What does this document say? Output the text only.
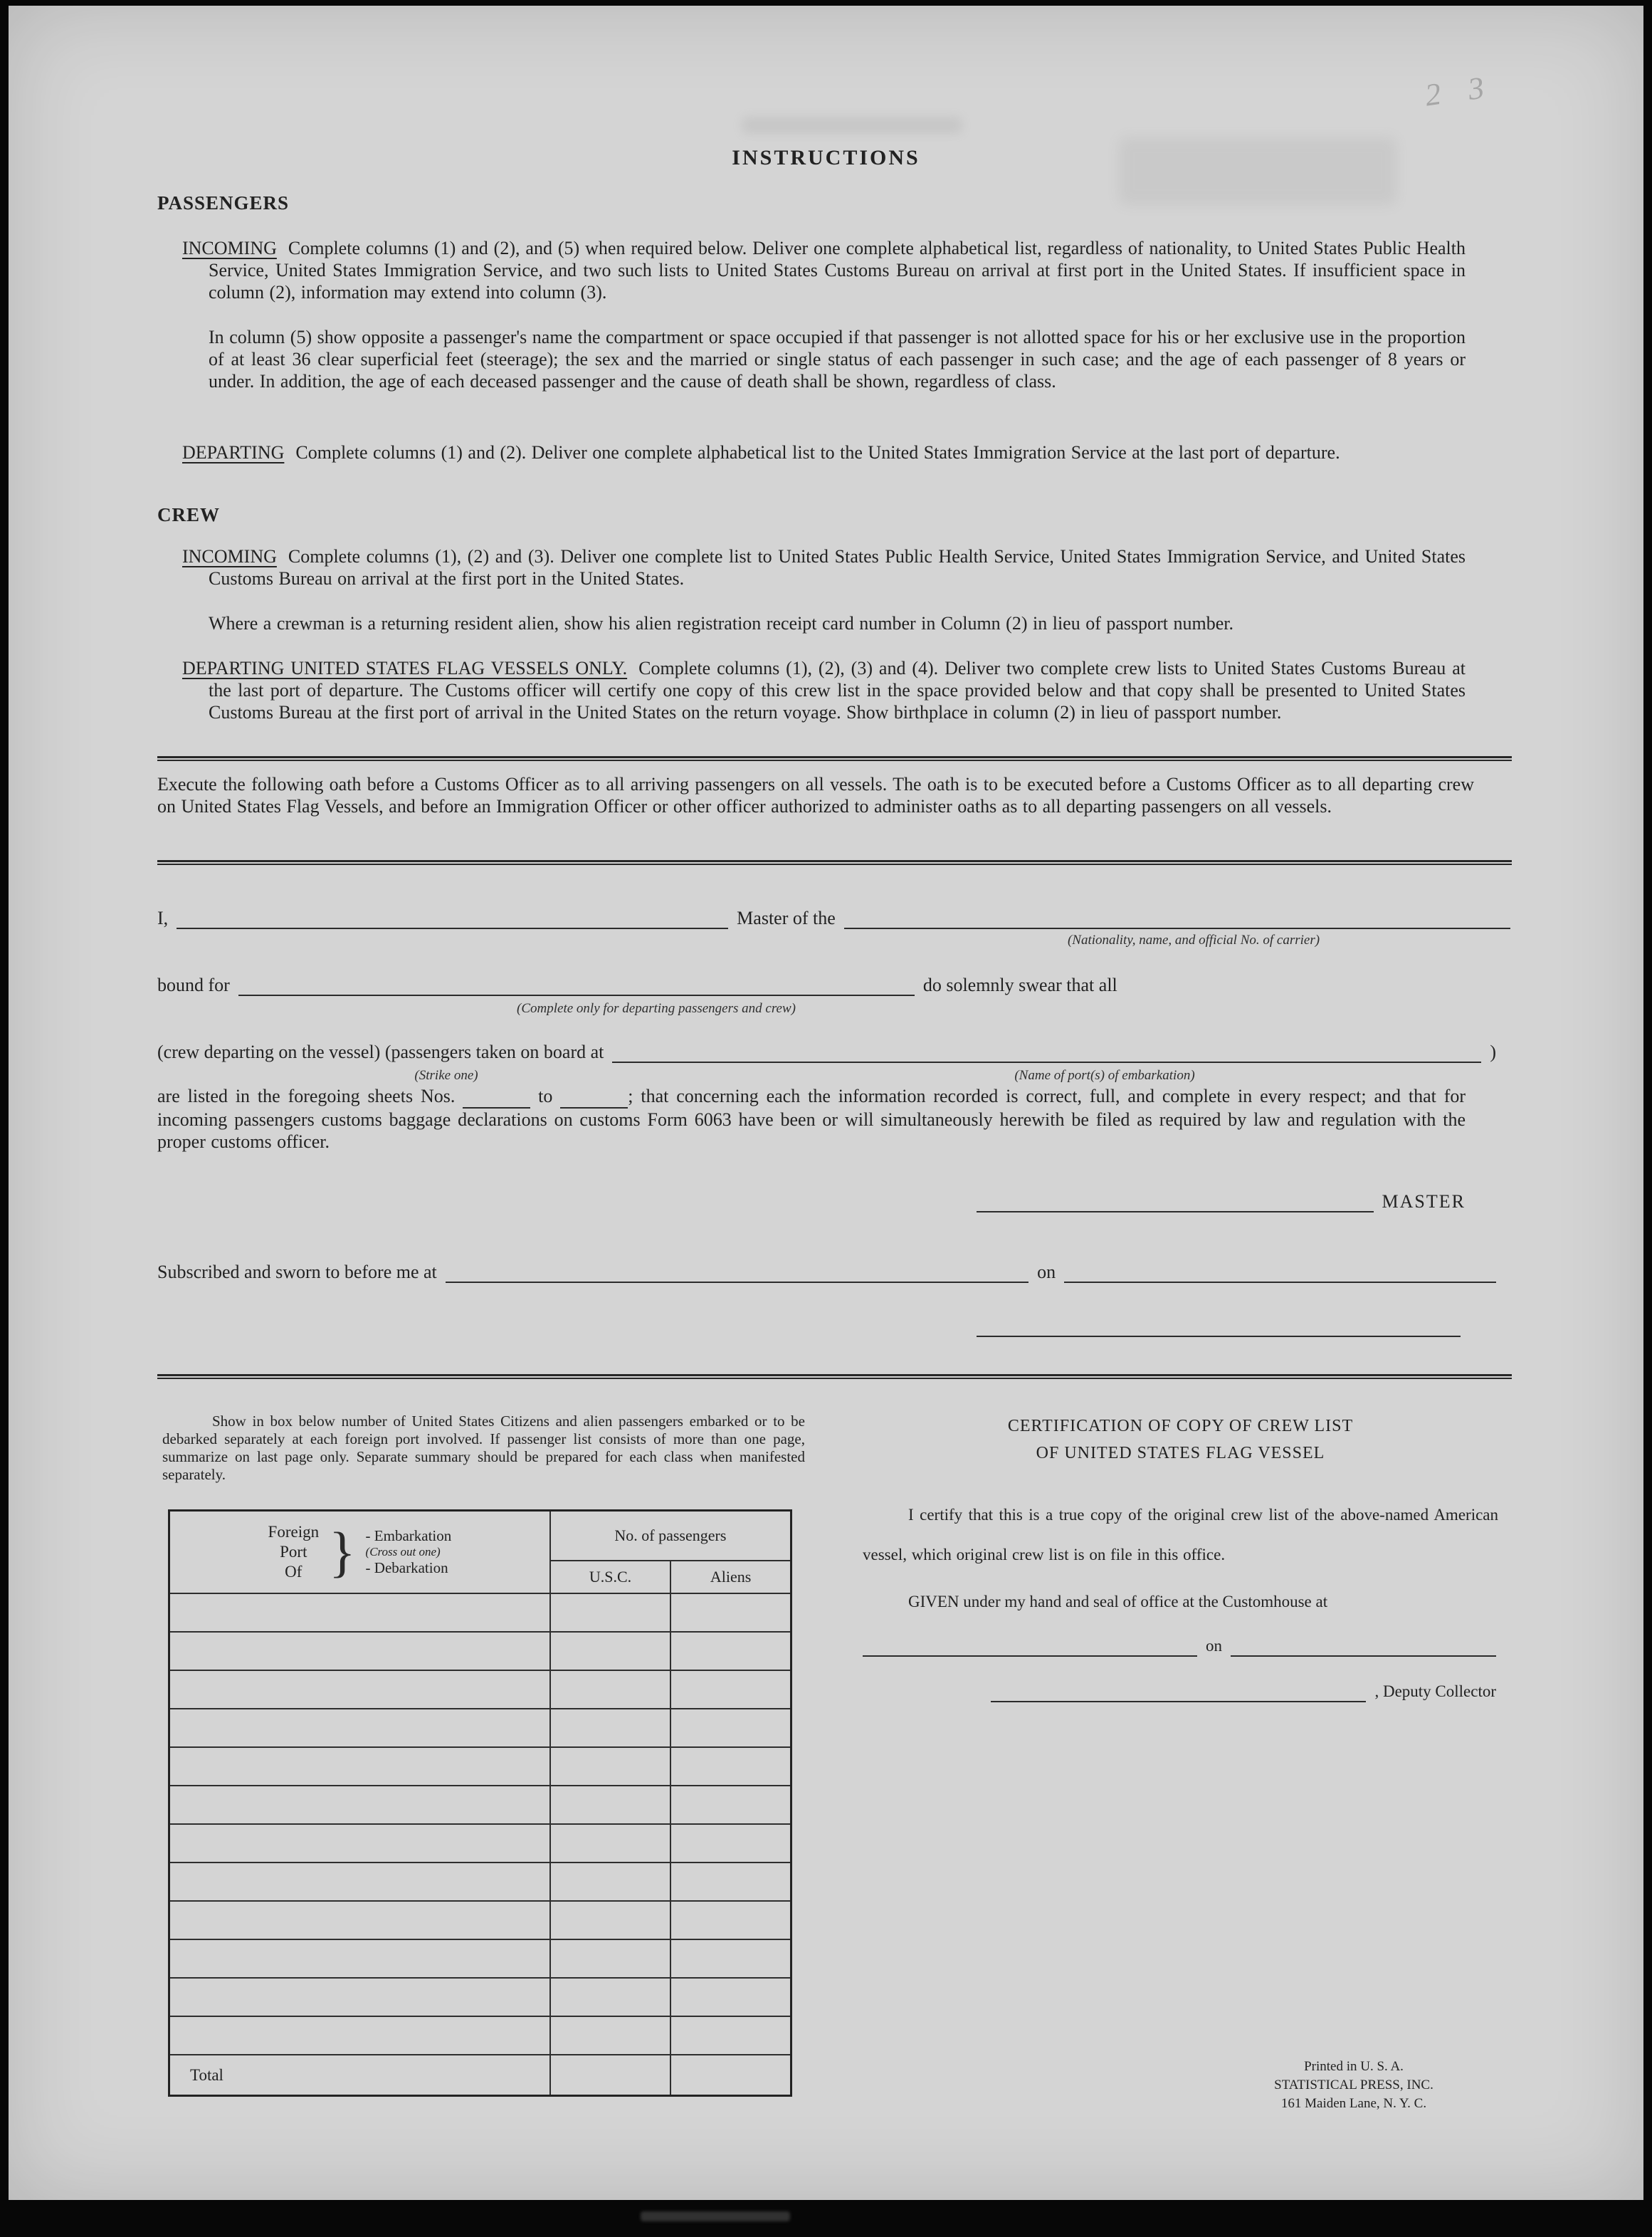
2 3
INSTRUCTIONS
PASSENGERS

INCOMING Complete columns (1) and (2), and (5) when required below. Deliver one complete alphabetical list, regardless of nationality, to United States Public Health Service, United States Immigration Service, and two such lists to United States Customs Bureau on arrival at first port in the United States. If insufficient space in column (2), information may extend into column (3).

In column (5) show opposite a passenger's name the compartment or space occupied if that passenger is not allotted space for his or her exclusive use in the proportion of at least 36 clear superficial feet (steerage); the sex and the married or single status of each passenger in such case; and the age of each passenger of 8 years or under. In addition, the age of each deceased passenger and the cause of death shall be shown, regardless of class.

DEPARTING Complete columns (1) and (2). Deliver one complete alphabetical list to the United States Immigration Service at the last port of departure.

CREW

INCOMING Complete columns (1), (2) and (3). Deliver one complete list to United States Public Health Service, United States Immigration Service, and United States Customs Bureau on arrival at the first port in the United States.

Where a crewman is a returning resident alien, show his alien registration receipt card number in Column (2) in lieu of passport number.

DEPARTING UNITED STATES FLAG VESSELS ONLY. Complete columns (1), (2), (3) and (4). Deliver two complete crew lists to United States Customs Bureau at the last port of departure. The Customs officer will certify one copy of this crew list in the space provided below and that copy shall be presented to United States Customs Bureau at the first port of arrival in the United States on the return voyage. Show birthplace in column (2) in lieu of passport number.

Execute the following oath before a Customs Officer as to all arriving passengers on all vessels. The oath is to be executed before a Customs Officer as to all departing crew on United States Flag Vessels, and before an Immigration Officer or other officer authorized to administer oaths as to all departing passengers on all vessels.

I,	Master of the
(Nationality, name, and official No. of carrier)
bound for	do solemnly swear that all
(Complete only for departing passengers and crew)
(crew departing on the vessel) (passengers taken on board at	)
(Strike one)	(Name of port(s) of embarkation)

are listed in the foregoing sheets Nos.	to	; that concerning each the information recorded is correct, full, and complete in every respect; and that for incoming passengers customs baggage declarations on customs Form 6063 have been or will simultaneously herewith be filed as required by law and regulation with the proper customs officer.

MASTER
Subscribed and sworn to before me at	on

Show in box below number of United States Citizens and alien passengers embarked or to be debarked separately at each foreign port involved. If passenger list consists of more than one page, summarize on last page only. Separate summary should be prepared for each class when manifested separately.

Foreign
Port
Of } - Embarkation
(Cross out one)
- Debarkation
	No. of passengers
	U.S.C.	Aliens

Total		
CERTIFICATION OF COPY OF CREW LIST
OF UNITED STATES FLAG VESSEL

I certify that this is a true copy of the original crew list of the above-named American vessel, which original crew list is on file in this office.

GIVEN under my hand and seal of office at the Customhouse at
on
, Deputy Collector
Printed in U. S. A.
STATISTICAL PRESS, INC.
161 Maiden Lane, N. Y. C.
